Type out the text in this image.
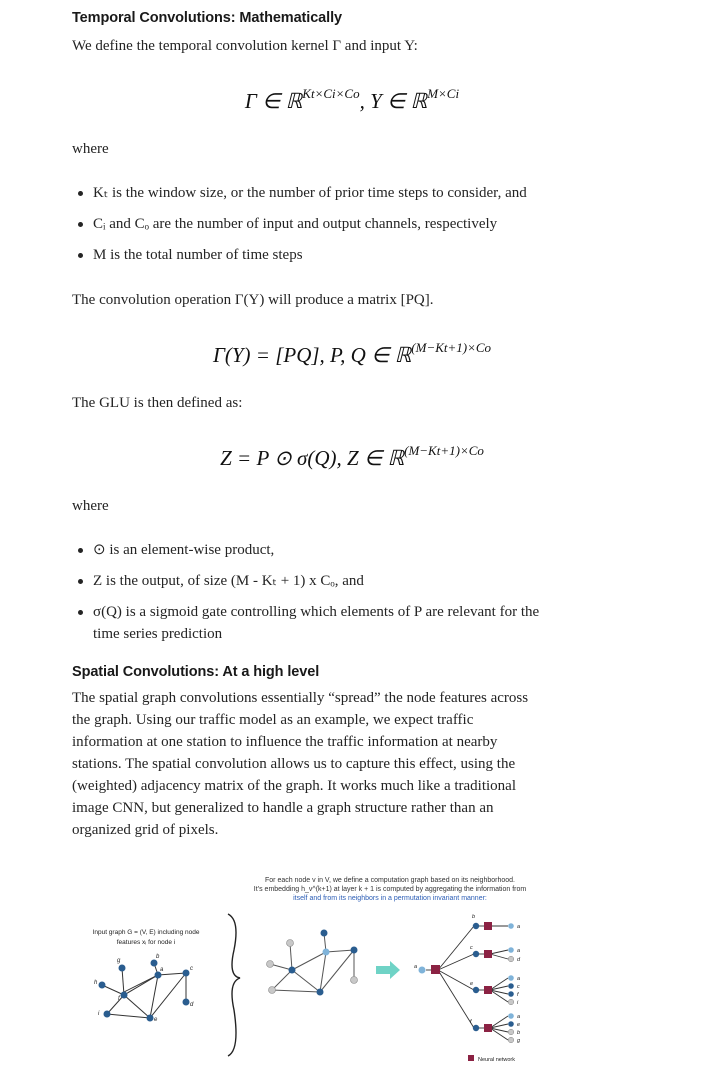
Temporal Convolutions: Mathematically

We define the temporal convolution kernel Γ and input Y:

Γ ∈ ℝ$^{Kt\times Ci\times Co}$, Y ∈ ℝ$^{M\times Ci}$

where

Kₜ is the window size, or the number of prior time steps to consider, and
Cᵢ and Cₒ are the number of input and output channels, respectively
M is the total number of time steps

The convolution operation Γ(Y) will produce a matrix [PQ].

Γ(Y) = [PQ], P, Q ∈ ℝ$^{(M-Kt+1)\times Co}$

The GLU is then defined as:

Z = P ⊙ σ(Q), Z ∈ ℝ$^{(M-Kt+1)\times Co}$

where

⊙ is an element-wise product,
Z is the output, of size (M - Kₜ + 1) x Cₒ, and
σ(Q) is a sigmoid gate controlling which elements of P are relevant for the time series prediction
Spatial Convolutions: At a high level

The spatial graph convolutions essentially “spread” the node features across the graph. Using our traffic model as an example, we expect traffic information at one station to influence the traffic information at nearby stations. The spatial convolution allows us to capture this effect, using the (weighted) adjacency matrix of the graph. It works much like a traditional image CNN, but generalized to handle a graph structure rather than an organized grid of pixels.

For each node v in V, we define a computation graph based on its neighborhood.
It’s embedding h_v^(k+1) at layer k + 1 is computed by aggregating the information from
itself and from its neighbors in a permutation invariant manner:
Input graph G = (V, E) including node
features xᵢ for node i
g
b
a	c
h
f
d
i
e
a
b
c
e
f
a
a
d
a
c
f
i
a
e
b
g
Neural network
